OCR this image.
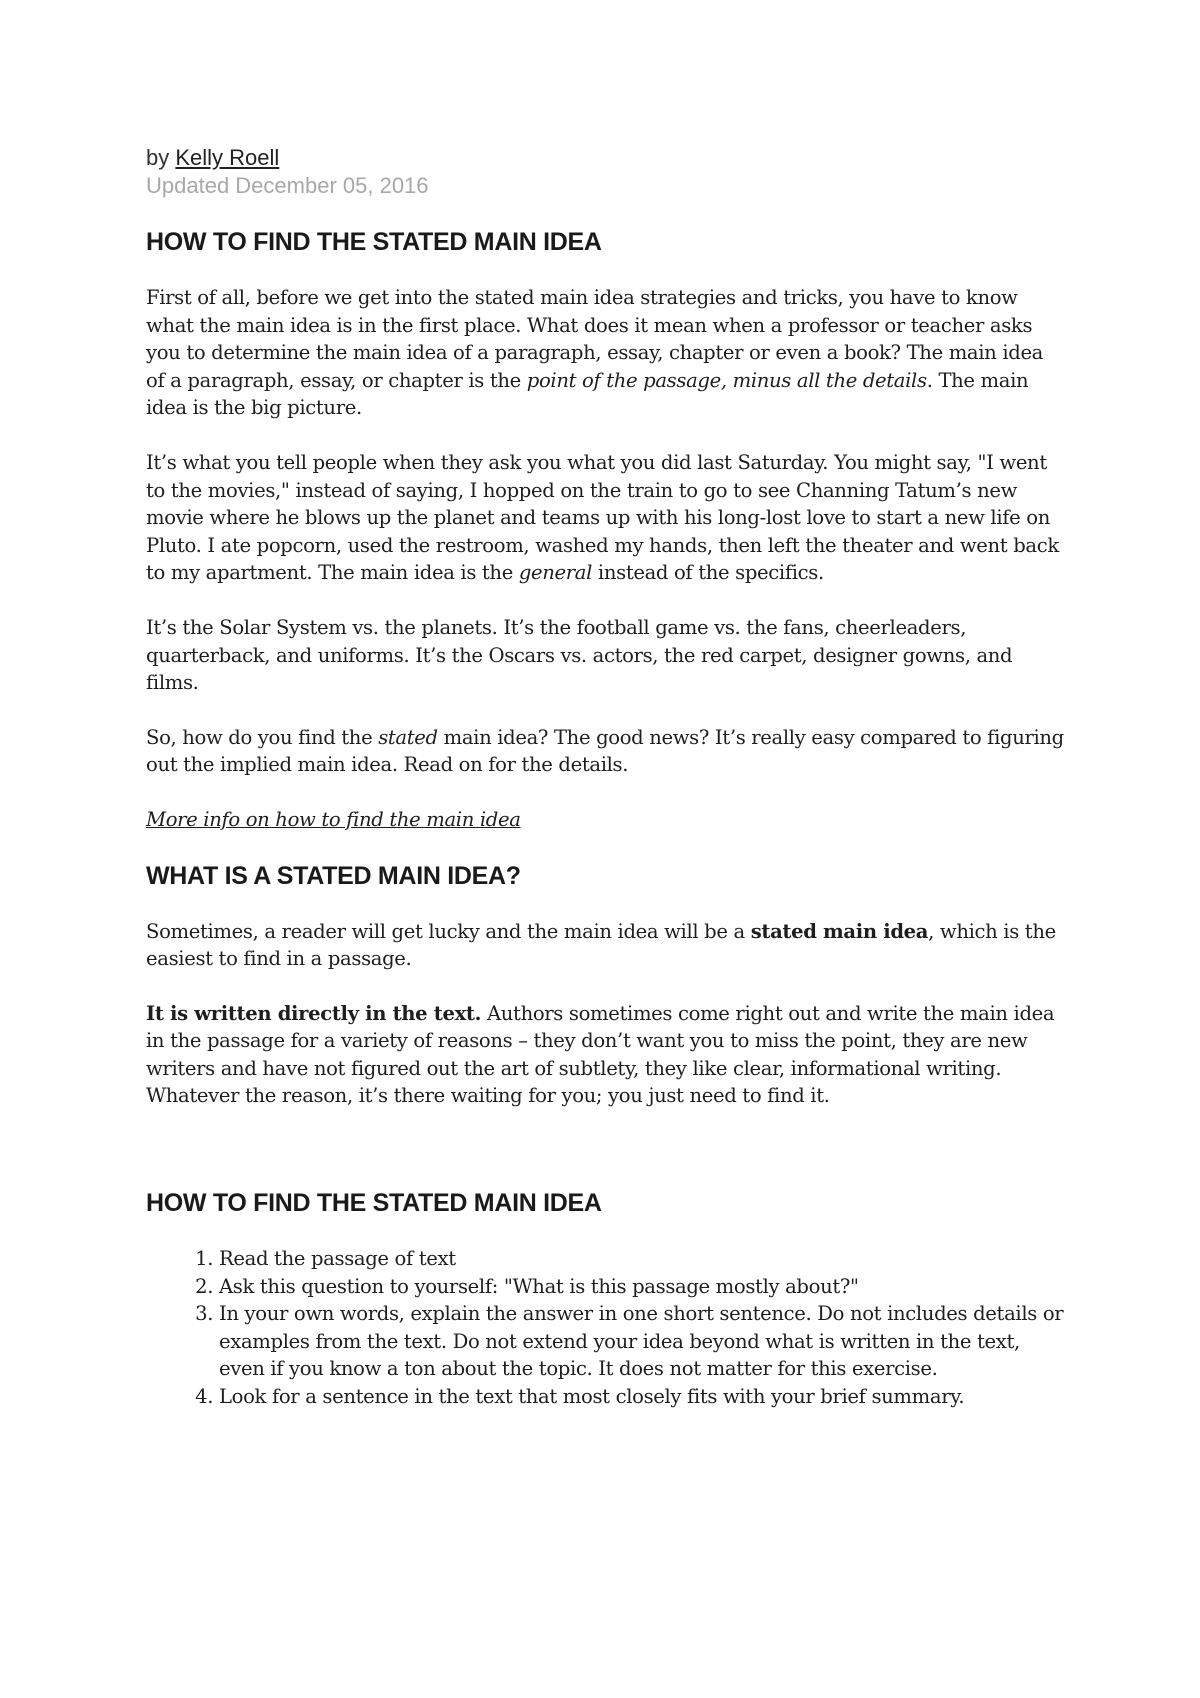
by Kelly Roell
Updated December 05, 2016
HOW TO FIND THE STATED MAIN IDEA

First of all, before we get into the stated main idea strategies and tricks, you have to know what the main idea is in the first place. What does it mean when a professor or teacher asks you to determine the main idea of a paragraph, essay, chapter or even a book? The main idea of a paragraph, essay, or chapter is the point of the passage, minus all the details. The main idea is the big picture.

It’s what you tell people when they ask you what you did last Saturday. You might say, "I went to the movies," instead of saying, I hopped on the train to go to see Channing Tatum’s new movie where he blows up the planet and teams up with his long-lost love to start a new life on Pluto. I ate popcorn, used the restroom, washed my hands, then left the theater and went back to my apartment. The main idea is the general instead of the specifics.

It’s the Solar System vs. the planets. It’s the football game vs. the fans, cheerleaders, quarterback, and uniforms. It’s the Oscars vs. actors, the red carpet, designer gowns, and films.

So, how do you find the stated main idea? The good news? It’s really easy compared to figuring out the implied main idea. Read on for the details.

More info on how to find the main idea

WHAT IS A STATED MAIN IDEA?

Sometimes, a reader will get lucky and the main idea will be a stated main idea, which is the easiest to find in a passage.

It is written directly in the text. Authors sometimes come right out and write the main idea in the passage for a variety of reasons – they don’t want you to miss the point, they are new writers and have not figured out the art of subtlety, they like clear, informational writing. Whatever the reason, it’s there waiting for you; you just need to find it.

HOW TO FIND THE STATED MAIN IDEA
1. Read the passage of text
2. Ask this question to yourself: "What is this passage mostly about?"
3. In your own words, explain the answer in one short sentence. Do not includes details or examples from the text. Do not extend your idea beyond what is written in the text, even if you know a ton about the topic. It does not matter for this exercise.
4. Look for a sentence in the text that most closely fits with your brief summary.
